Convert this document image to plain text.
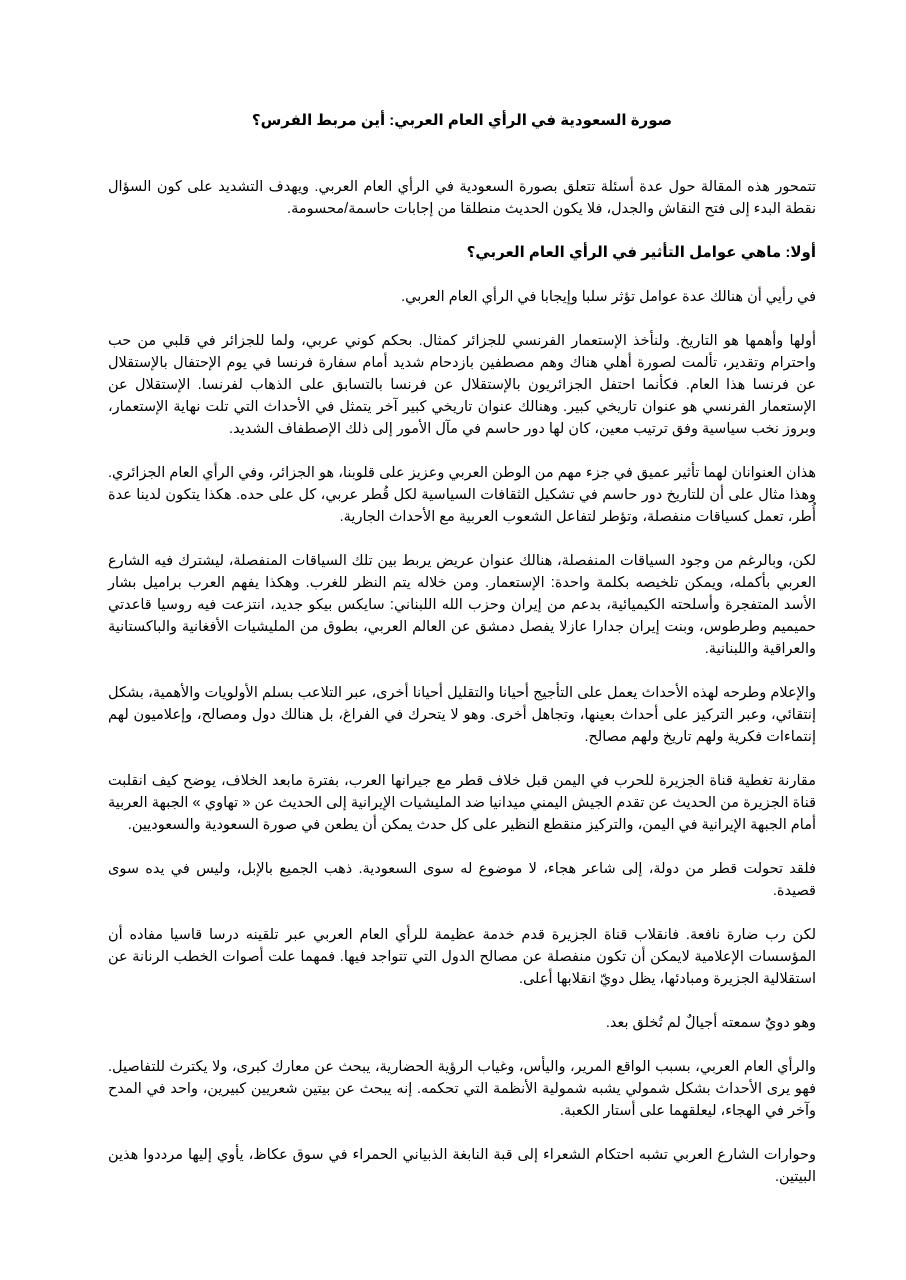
صورة السعودية في الرأي العام العربي: أين مربط الفرس؟

تتمحور هذه المقالة حول عدة أسئلة تتعلق بصورة السعودية في الرأي العام العربي. ويهدف التشديد على كون السؤال نقطة البدء إلى فتح النقاش والجدل، فلا يكون الحديث منطلقا من إجابات حاسمة/محسومة.

أولا: ماهي عوامل التأثير في الرأي العام العربي؟

في رأيي أن هنالك عدة عوامل تؤثر سلبا وإيجابا في الرأي العام العربي.

أولها وأهمها هو التاريخ. ولنأخذ الإستعمار الفرنسي للجزائر كمثال. بحكم كوني عربي، ولما للجزائر في قلبي من حب واحترام وتقدير، تألمت لصورة أهلي هناك وهم مصطفين بازدحام شديد أمام سفارة فرنسا في يوم الإحتفال بالإستقلال عن فرنسا هذا العام. فكأنما احتفل الجزائريون بالإستقلال عن فرنسا بالتسابق على الذهاب لفرنسا. الإستقلال عن الإستعمار الفرنسي هو عنوان تاريخي كبير. وهنالك عنوان تاريخي كبير آخر يتمثل في الأحداث التي تلت نهاية الإستعمار، وبروز نخب سياسية وفق ترتيب معين، كان لها دور حاسم في مآل الأمور إلى ذلك الإصطفاف الشديد.

هذان العنوانان لهما تأثير عميق في جزء مهم من الوطن العربي وعزيز على قلوبنا، هو الجزائر، وفي الرأي العام الجزائري. وهذا مثال على أن للتاريخ دور حاسم في تشكيل الثقافات السياسية لكل قُطر عربي، كل على حده. هكذا يتكون لدينا عدة أُطر، تعمل كسياقات منفصلة، وتؤطر لتفاعل الشعوب العربية مع الأحداث الجارية.

لكن، وبالرغم من وجود السياقات المنفصلة، هنالك عنوان عريض يربط بين تلك السياقات المنفصلة، ليشترك فيه الشارع العربي بأكمله، ويمكن تلخيصه بكلمة واحدة: الإستعمار. ومن خلاله يتم النظر للغرب. وهكذا يفهم العرب براميل بشار الأسد المتفجرة وأسلحته الكيميائية، بدعم من إيران وحزب الله اللبناني: سايكس بيكو جديد، انتزعت فيه روسيا قاعدتي حميميم وطرطوس، وبنت إيران جدارا عازلا يفصل دمشق عن العالم العربي، بطوق من المليشيات الأفغانية والباكستانية والعراقية واللبنانية.

والإعلام وطرحه لهذه الأحداث يعمل على التأجيج أحيانا والتقليل أحيانا أخرى، عبر التلاعب بسلم الأولويات والأهمية، بشكل إنتقائي، وعبر التركيز على أحداث بعينها، وتجاهل أخرى. وهو لا يتحرك في الفراغ، بل هنالك دول ومصالح، وإعلاميون لهم إنتماءات فكرية ولهم تاريخ ولهم مصالح.

مقارنة تغطية قناة الجزيرة للحرب في اليمن قبل خلاف قطر مع جيرانها العرب، بفترة مابعد الخلاف، يوضح كيف انقلبت قناة الجزيرة من الحديث عن تقدم الجيش اليمني ميدانيا ضد المليشيات الإيرانية إلى الحديث عن « تهاوي » الجبهة العربية أمام الجبهة الإيرانية في اليمن، والتركيز منقطع النظير على كل حدث يمكن أن يطعن في صورة السعودية والسعوديين.

فلقد تحولت قطر من دولة، إلى شاعر هجاء، لا موضوع له سوى السعودية. ذهب الجميع بالإبل، وليس في يده سوى قصيدة.

لكن رب ضارة نافعة. فانقلاب قناة الجزيرة قدم خدمة عظيمة للرأي العام العربي عبر تلقينه درسا قاسيا مفاده أن المؤسسات الإعلامية لايمكن أن تكون منفصلة عن مصالح الدول التي تتواجد فيها. فمهما علت أصوات الخطب الرنانة عن استقلالية الجزيرة ومبادئها، يظل دويّ انقلابها أعلى.

وهو دويٌ سمعته أجيالٌ لم تُخلق بعد.

والرأي العام العربي، بسبب الواقع المرير، واليأس، وغياب الرؤية الحضارية، يبحث عن معارك كبرى، ولا يكترث للتفاصيل. فهو يرى الأحداث بشكل شمولي يشبه شمولية الأنظمة التي تحكمه. إنه يبحث عن بيتين شعريين كبيرين، واحد في المدح وآخر في الهجاء، ليعلقهما على أستار الكعبة.

وحوارات الشارع العربي تشبه احتكام الشعراء إلى قبة النابغة الذبياني الحمراء في سوق عكاظ، يأوي إليها مرددوا هذين البيتين.
